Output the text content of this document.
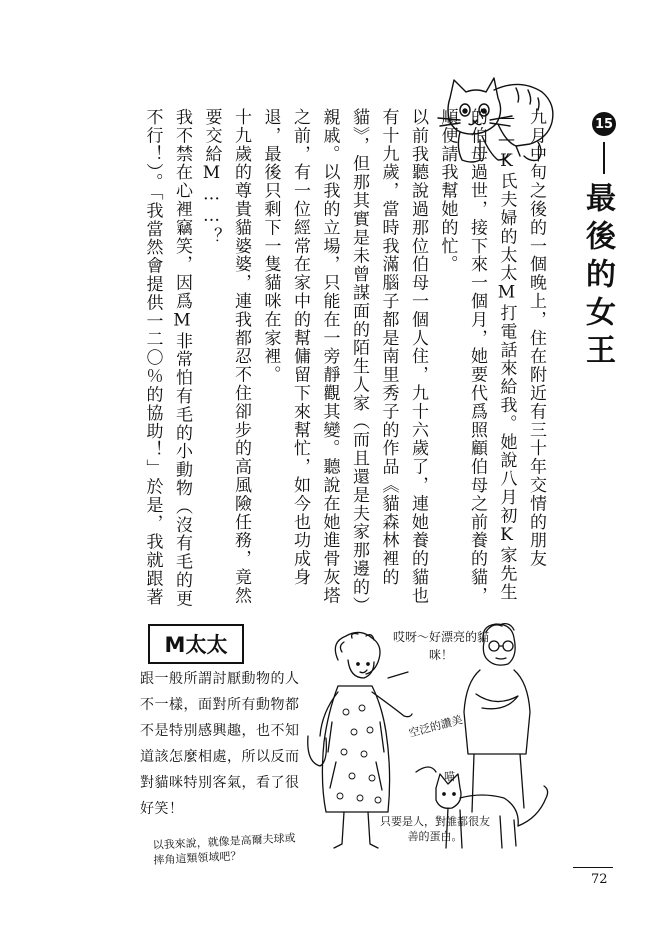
15
最後的女王

九月中旬之後的一個晚上，住在附近有三十年交情的朋友——K氏夫婦的太太M打電話來給我。她說八月初K家先生的伯母過世，接下來一個月，她要代爲照顧伯母之前養的貓，順便請我幫她的忙。

以前我聽說過那位伯母一個人住，九十六歲了，連她養的貓也有十九歲，當時我滿腦子都是南里秀子的作品《貓森林裡的貓》，但那其實是未曾謀面的陌生人家（而且還是夫家那邊的）親戚。以我的立場，只能在一旁靜觀其變。聽說在她進骨灰塔之前，有一位經常在家中的幫傭留下來幫忙，如今也功成身退，最後只剩下一隻貓咪在家裡。

十九歲的尊貴貓婆婆，連我都忍不住卻步的高風險任務，竟然要交給M……？

我不禁在心裡竊笑，因爲M非常怕有毛的小動物（沒有毛的更不行！）。「我當然會提供一二〇％的協助！」於是，我就跟著

M太太
跟一般所謂討厭動物的人不一樣，面對所有動物都不是特別感興趣，也不知道該怎麼相處，所以反而對貓咪特別客氣，看了很好笑！
以我來說，就像是高爾夫球或摔角這類領域吧？
哎呀～好漂亮的貓咪！
空泛的讚美
喵
只要是人，對誰都很友善的蛋白。
72
